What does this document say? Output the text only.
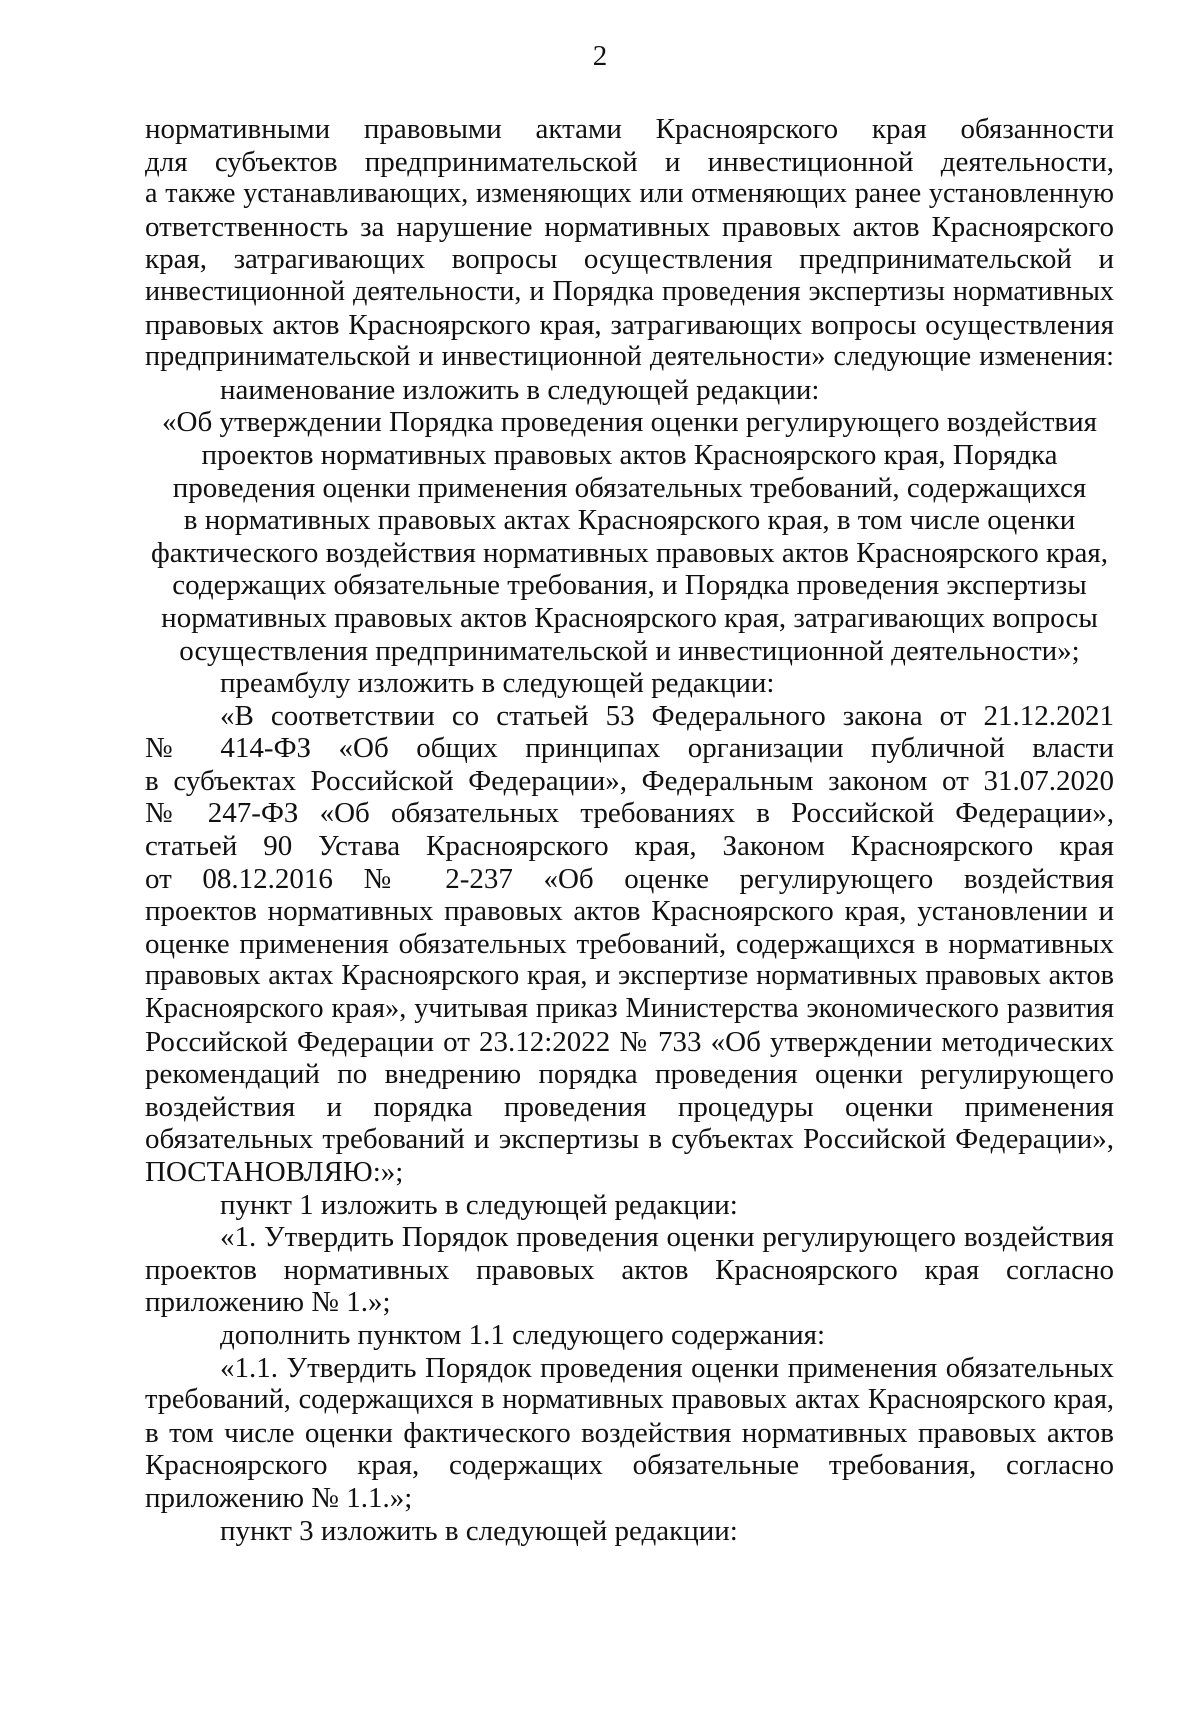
2
нормативными правовыми актами Красноярского края обязанности
для субъектов предпринимательской и инвестиционной деятельности,
а также устанавливающих, изменяющих или отменяющих ранее установленную
ответственность за нарушение нормативных правовых актов Красноярского
края, затрагивающих вопросы осуществления предпринимательской и
инвестиционной деятельности, и Порядка проведения экспертизы нормативных
правовых актов Красноярского края, затрагивающих вопросы осуществления
предпринимательской и инвестиционной деятельности» следующие изменения:
наименование изложить в следующей редакции:
«Об утверждении Порядка проведения оценки регулирующего воздействия
проектов нормативных правовых актов Красноярского края, Порядка
проведения оценки применения обязательных требований, содержащихся
в нормативных правовых актах Красноярского края, в том числе оценки
фактического воздействия нормативных правовых актов Красноярского края,
содержащих обязательные требования, и Порядка проведения экспертизы
нормативных правовых актов Красноярского края, затрагивающих вопросы
осуществления предпринимательской и инвестиционной деятельности»;
преамбулу изложить в следующей редакции:
«В соответствии со статьей 53 Федерального закона от 21.12.2021
№ 414-ФЗ «Об общих принципах организации публичной власти
в субъектах Российской Федерации», Федеральным законом от 31.07.2020
№ 247-ФЗ «Об обязательных требованиях в Российской Федерации»,
статьей 90 Устава Красноярского края, Законом Красноярского края
от 08.12.2016 № 2-237 «Об оценке регулирующего воздействия
проектов нормативных правовых актов Красноярского края, установлении и
оценке применения обязательных требований, содержащихся в нормативных
правовых актах Красноярского края, и экспертизе нормативных правовых актов
Красноярского края», учитывая приказ Министерства экономического развития
Российской Федерации от 23.12:2022 № 733 «Об утверждении методических
рекомендаций по внедрению порядка проведения оценки регулирующего
воздействия и порядка проведения процедуры оценки применения
обязательных требований и экспертизы в субъектах Российской Федерации»,
ПОСТАНОВЛЯЮ:»;
пункт 1 изложить в следующей редакции:
«1. Утвердить Порядок проведения оценки регулирующего воздействия
проектов нормативных правовых актов Красноярского края согласно
приложению № 1.»;
дополнить пунктом 1.1 следующего содержания:
«1.1. Утвердить Порядок проведения оценки применения обязательных
требований, содержащихся в нормативных правовых актах Красноярского края,
в том числе оценки фактического воздействия нормативных правовых актов
Красноярского края, содержащих обязательные требования, согласно
приложению № 1.1.»;
пункт 3 изложить в следующей редакции:
